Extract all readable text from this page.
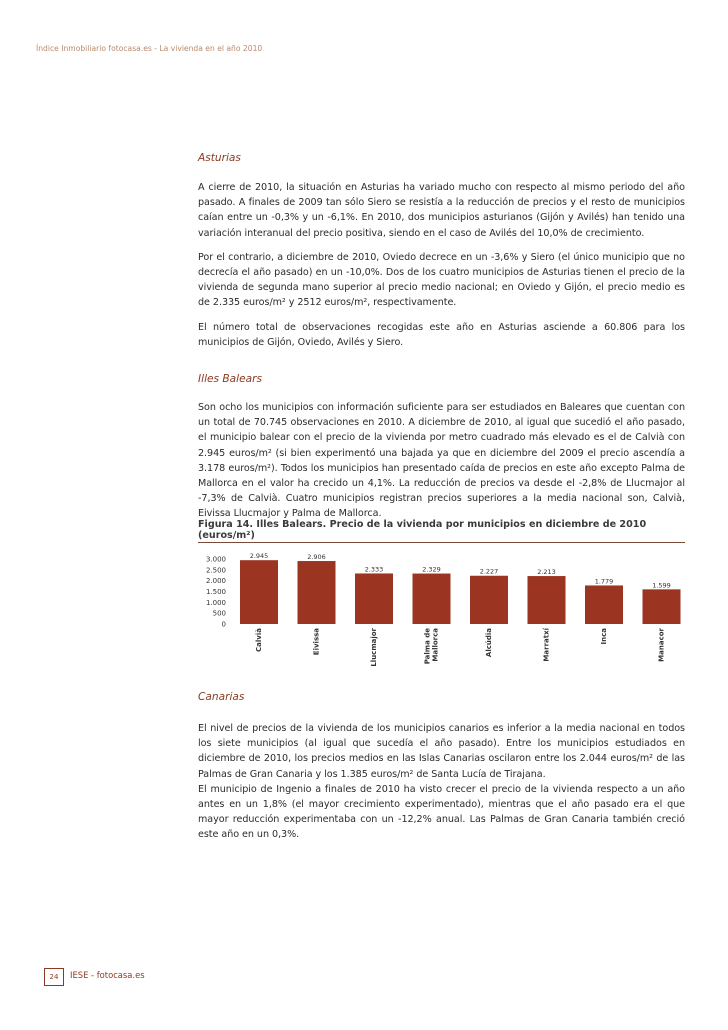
Índice Inmobiliario fotocasa.es - La vivienda en el año 2010

Asturias

A cierre de 2010, la situación en Asturias ha variado mucho con respecto al mismo periodo del año pasado. A finales de 2009 tan sólo Siero se resistía a la reducción de precios y el resto de municipios caían entre un -0,3% y un -6,1%. En 2010, dos municipios asturianos (Gijón y Avilés) han tenido una variación interanual del precio positiva, siendo en el caso de Avilés del 10,0% de crecimiento.

Por el contrario, a diciembre de 2010, Oviedo decrece en un -3,6% y Siero (el único municipio que no decrecía el año pasado) en un -10,0%. Dos de los cuatro municipios de Asturias tienen el precio de la vivienda de segunda mano superior al precio medio nacional; en Oviedo y Gijón, el precio medio es de 2.335 euros/m² y 2512 euros/m², respectivamente.

El número total de observaciones recogidas este año en Asturias asciende a 60.806 para los municipios de Gijón, Oviedo, Avilés y Siero.

Illes Balears

Son ocho los municipios con información suficiente para ser estudiados en Baleares que cuentan con un total de 70.745 observaciones en 2010. A diciembre de 2010, al igual que sucedió el año pasado, el municipio balear con el precio de la vivienda por metro cuadrado más elevado es el de Calvià con 2.945 euros/m² (si bien experimentó una bajada ya que en diciembre del 2009 el precio ascendía a 3.178 euros/m²). Todos los municipios han presentado caída de precios en este año excepto Palma de Mallorca en el valor ha crecido un 4,1%. La reducción de precios va desde el -2,8% de Llucmajor al -7,3% de Calvià. Cuatro municipios registran precios superiores a la media nacional son, Calvià, Eivissa Llucmajor y Palma de Mallorca.

Figura 14. Illes Balears. Precio de la vivienda por municipios en diciembre de 2010 (euros/m²)

3.000
2.500
2.000
1.500
1.000
500
0
2.945
Calvià
2.906
Eivissa
2.333
Llucmajor
2.329
Palma de Mallorca
2.227
Alcúdia
2.213
Marratxí
1.779
Inca
1.599
Manacor

Canarias

El nivel de precios de la vivienda de los municipios canarios es inferior a la media nacional en todos los siete municipios (al igual que sucedía el año pasado). Entre los municipios estudiados en diciembre de 2010, los precios medios en las Islas Canarias oscilaron entre los 2.044 euros/m² de las Palmas de Gran Canaria y los 1.385 euros/m² de Santa Lucía de Tirajana.

El municipio de Ingenio a finales de 2010 ha visto crecer el precio de la vivienda respecto a un año antes en un 1,8% (el mayor crecimiento experimentado), mientras que el año pasado era el que mayor reducción experimentaba con un -12,2% anual. Las Palmas de Gran Canaria también creció este año en un 0,3%.

24	IESE - fotocasa.es
